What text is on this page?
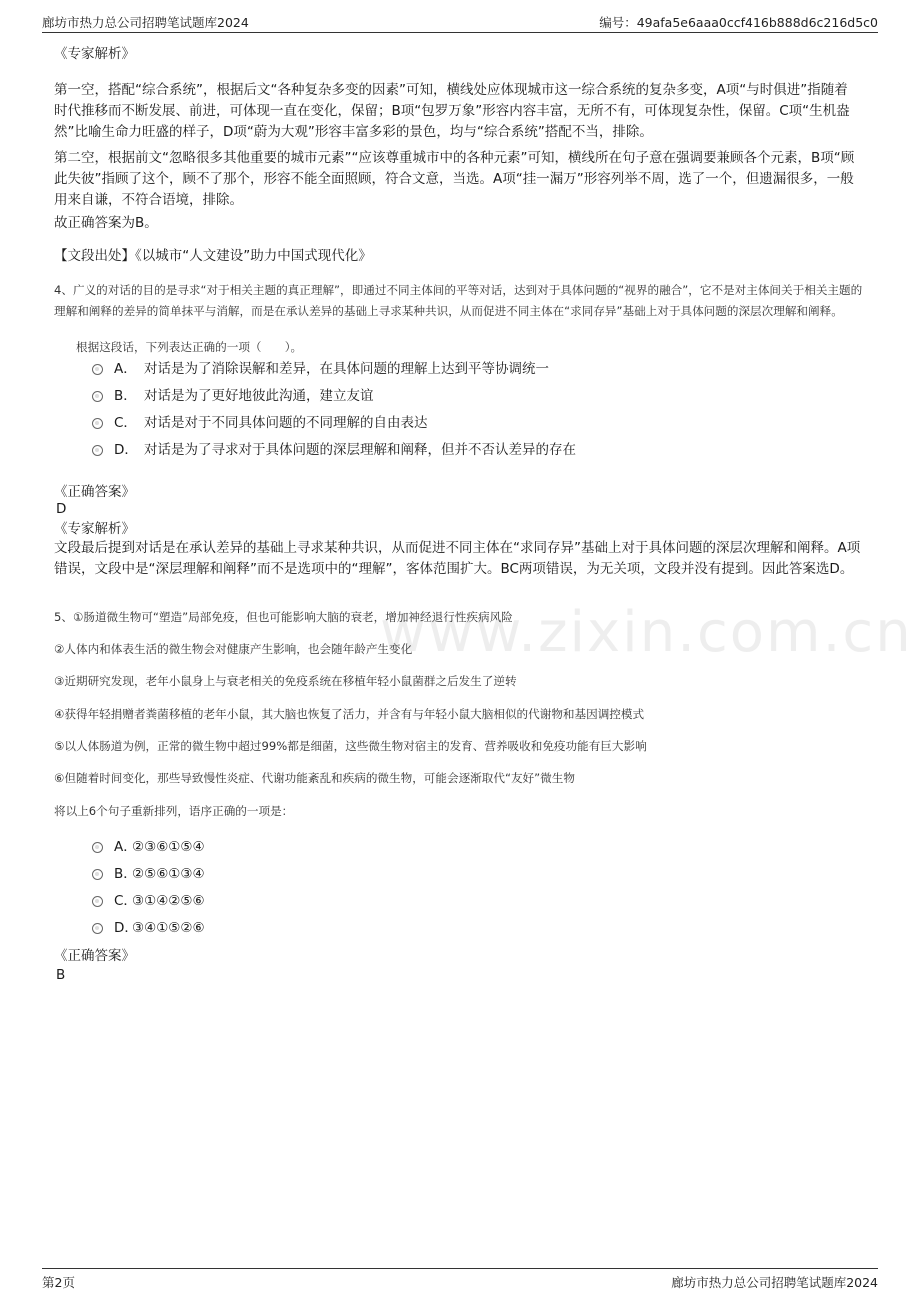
廊坊市热力总公司招聘笔试题库2024	编号：49afa5e6aaa0ccf416b888d6c216d5c0
www.zixin.com.cn
《专家解析》
第一空，搭配“综合系统”，根据后文“各种复杂多变的因素”可知，横线处应体现城市这一综合系统的复杂多变，A项“与时俱进”指随着时代推移而不断发展、前进，可体现一直在变化，保留；B项“包罗万象”形容内容丰富，无所不有，可体现复杂性，保留。C项“生机盎然”比喻生命力旺盛的样子，D项“蔚为大观”形容丰富多彩的景色，均与“综合系统”搭配不当，排除。
第二空，根据前文“忽略很多其他重要的城市元素”“应该尊重城市中的各种元素”可知，横线所在句子意在强调要兼顾各个元素，B项“顾此失彼”指顾了这个，顾不了那个，形容不能全面照顾，符合文意，当选。A项“挂一漏万”形容列举不周，选了一个，但遗漏很多，一般用来自谦，不符合语境，排除。
故正确答案为B。
【文段出处】《以城市“人文建设”助力中国式现代化》
4、广义的对话的目的是寻求“对于相关主题的真正理解”，即通过不同主体间的平等对话，达到对于具体问题的“视界的融合”，它不是对主体间关于相关主题的理解和阐释的差异的简单抹平与消解，而是在承认差异的基础上寻求某种共识，从而促进不同主体在“求同存异”基础上对于具体问题的深层次理解和阐释。
根据这段话，下列表达正确的一项（　　）。
A． 对话是为了消除误解和差异，在具体问题的理解上达到平等协调统一
B． 对话是为了更好地彼此沟通，建立友谊
C． 对话是对于不同具体问题的不同理解的自由表达
D． 对话是为了寻求对于具体问题的深层理解和阐释，但并不否认差异的存在
《正确答案》
D
《专家解析》
文段最后提到对话是在承认差异的基础上寻求某种共识，从而促进不同主体在“求同存异”基础上对于具体问题的深层次理解和阐释。A项错误，文段中是“深层理解和阐释”而不是选项中的“理解”，客体范围扩大。BC两项错误，为无关项，文段并没有提到。因此答案选D。
5、①肠道微生物可“塑造”局部免疫，但也可能影响大脑的衰老，增加神经退行性疾病风险
②人体内和体表生活的微生物会对健康产生影响，也会随年龄产生变化
③近期研究发现，老年小鼠身上与衰老相关的免疫系统在移植年轻小鼠菌群之后发生了逆转
④获得年轻捐赠者粪菌移植的老年小鼠，其大脑也恢复了活力，并含有与年轻小鼠大脑相似的代谢物和基因调控模式
⑤以人体肠道为例，正常的微生物中超过99%都是细菌，这些微生物对宿主的发育、营养吸收和免疫功能有巨大影响
⑥但随着时间变化，那些导致慢性炎症、代谢功能紊乱和疾病的微生物，可能会逐渐取代“友好”微生物
将以上6个句子重新排列，语序正确的一项是：
A．
②③⑥①⑤④
B．
②⑤⑥①③④
C．
③①④②⑤⑥
D．
③④①⑤②⑥
《正确答案》
B
第2页	廊坊市热力总公司招聘笔试题库2024
